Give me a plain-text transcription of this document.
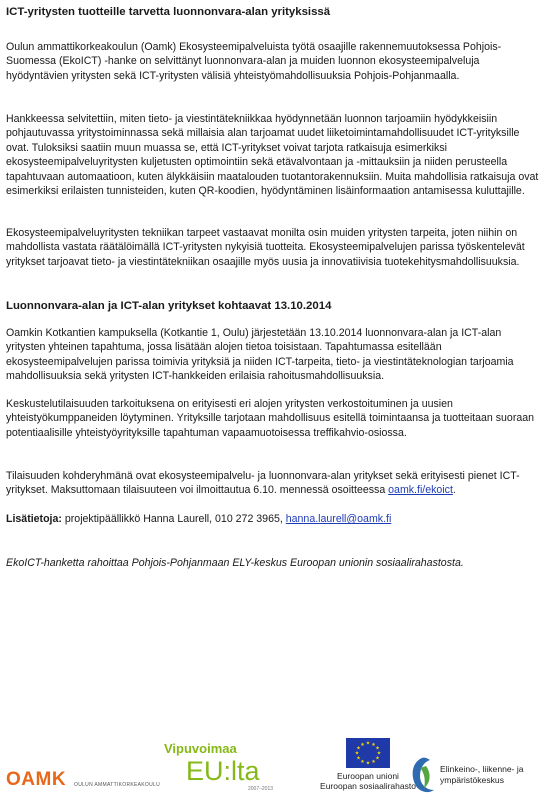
ICT-yritysten tuotteille tarvetta luonnonvara-alan yrityksissä

Oulun ammattikorkeakoulun (Oamk) Ekosysteemipalveluista työtä osaajille rakennemuutoksessa Pohjois-Suomessa (EkoICT) -hanke on selvittänyt luonnonvara-alan ja muiden luonnon ekosysteemipalveluja hyödyntävien yritysten sekä ICT-yritysten välisiä yhteistyömahdollisuuksia Pohjois-Pohjanmaalla.

Hankkeessa selvitettiin, miten tieto- ja viestintätekniikkaa hyödynnetään luonnon tarjoamiin hyödykkeisiin pohjautuvassa yritystoiminnassa sekä millaisia alan tarjoamat uudet liiketoimintamahdollisuudet ICT-yrityksille ovat. Tuloksiksi saatiin muun muassa se, että ICT-yritykset voivat tarjota ratkaisuja esimerkiksi ekosysteemipalveluyritysten kuljetusten optimointiin sekä etävalvontaan ja -mittauksiin ja niiden perusteella tapahtuvaan automaatioon, kuten älykkäisiin maatalouden tuotantorakennuksiin. Muita mahdollisia ratkaisuja ovat esimerkiksi erilaisten tunnisteiden, kuten QR-koodien, hyödyntäminen lisäinformaation antamisessa kuluttajille.

Ekosysteemipalveluyritysten tekniikan tarpeet vastaavat monilta osin muiden yritysten tarpeita, joten niihin on mahdollista vastata räätälöimällä ICT-yritysten nykyisiä tuotteita. Ekosysteemipalvelujen parissa työskentelevät yritykset tarjoavat tieto- ja viestintätekniikan osaajille myös uusia ja innovatiivisia tuotekehitysmahdollisuuksia.

Luonnonvara-alan ja ICT-alan yritykset kohtaavat 13.10.2014

Oamkin Kotkantien kampuksella (Kotkantie 1, Oulu) järjestetään 13.10.2014 luonnonvara-alan ja ICT-alan yritysten yhteinen tapahtuma, jossa lisätään alojen tietoa toisistaan. Tapahtumassa esitellään ekosysteemipalvelujen parissa toimivia yrityksiä ja niiden ICT-tarpeita, tieto- ja viestintäteknologian tarjoamia mahdollisuuksia sekä yritysten ICT-hankkeiden erilaisia rahoitusmahdollisuuksia.

Keskustelutilaisuuden tarkoituksena on erityisesti eri alojen yritysten verkostoituminen ja uusien yhteistyökumppaneiden löytyminen. Yrityksille tarjotaan mahdollisuus esitellä toimintaansa ja tuotteitaan suoraan potentiaalisille yhteistyöyrityksille tapahtuman vapaamuotoisessa treffikahvio-osiossa.

Tilaisuuden kohderyhmänä ovat ekosysteemipalvelu- ja luonnonvara-alan yritykset sekä erityisesti pienet ICT-yritykset. Maksuttomaan tilaisuuteen voi ilmoittautua 6.10. mennessä osoitteessa oamk.fi/ekoict.

Lisätietoja: projektipäällikkö Hanna Laurell, 010 272 3965, hanna.laurell@oamk.fi

EkoICT-hanketta rahoittaa Pohjois-Pohjanmaan ELY-keskus Euroopan unionin sosiaalirahastosta.

OAMK OULUN AMMATTIKORKEAKOULU
Vipuvoimaa
EU:lta
2007–2013
★ ★
★
★
★
★
★
★
★
★
★
★
Euroopan unioni
Euroopan sosiaalirahasto
Elinkeino-, liikenne- ja
ympäristökeskus
